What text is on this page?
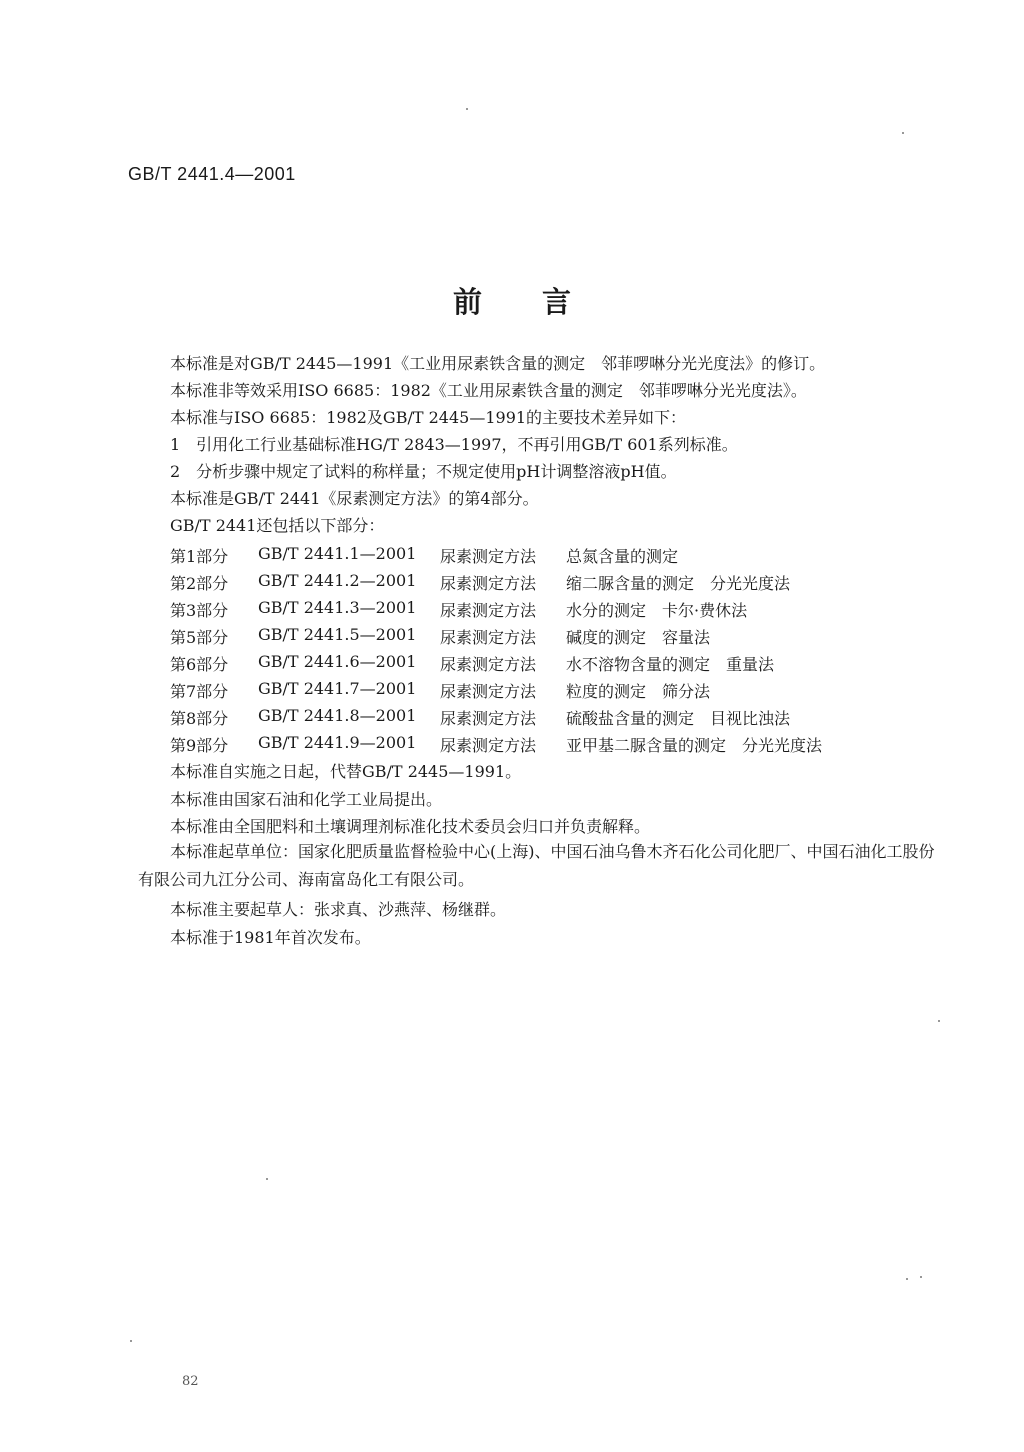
GB/T 2441.4—2001
前言
本标准是对GB/T 2445—1991《工业用尿素铁含量的测定　邻菲啰啉分光光度法》的修订。
本标准非等效采用ISO 6685：1982《工业用尿素铁含量的测定　邻菲啰啉分光光度法》。
本标准与ISO 6685：1982及GB/T 2445—1991的主要技术差异如下：
1　引用化工行业基础标准HG/T 2843—1997，不再引用GB/T 601系列标准。
2　分析步骤中规定了试料的称样量；不规定使用pH计调整溶液pH值。
本标准是GB/T 2441《尿素测定方法》的第4部分。
GB/T 2441还包括以下部分：
第1部分 GB/T 2441.1—2001 尿素测定方法 总氮含量的测定
第2部分 GB/T 2441.2—2001 尿素测定方法 缩二脲含量的测定　分光光度法
第3部分 GB/T 2441.3—2001 尿素测定方法 水分的测定　卡尔·费休法
第5部分 GB/T 2441.5—2001 尿素测定方法 碱度的测定　容量法
第6部分 GB/T 2441.6—2001 尿素测定方法 水不溶物含量的测定　重量法
第7部分 GB/T 2441.7—2001 尿素测定方法 粒度的测定　筛分法
第8部分 GB/T 2441.8—2001 尿素测定方法 硫酸盐含量的测定　目视比浊法
第9部分 GB/T 2441.9—2001 尿素测定方法 亚甲基二脲含量的测定　分光光度法
本标准自实施之日起，代替GB/T 2445—1991。
本标准由国家石油和化学工业局提出。
本标准由全国肥料和土壤调理剂标准化技术委员会归口并负责解释。
本标准起草单位：国家化肥质量监督检验中心(上海)、中国石油乌鲁木齐石化公司化肥厂、中国石油化工股份有限公司九江分公司、海南富岛化工有限公司。
本标准主要起草人：张求真、沙燕萍、杨继群。
本标准于1981年首次发布。
82
